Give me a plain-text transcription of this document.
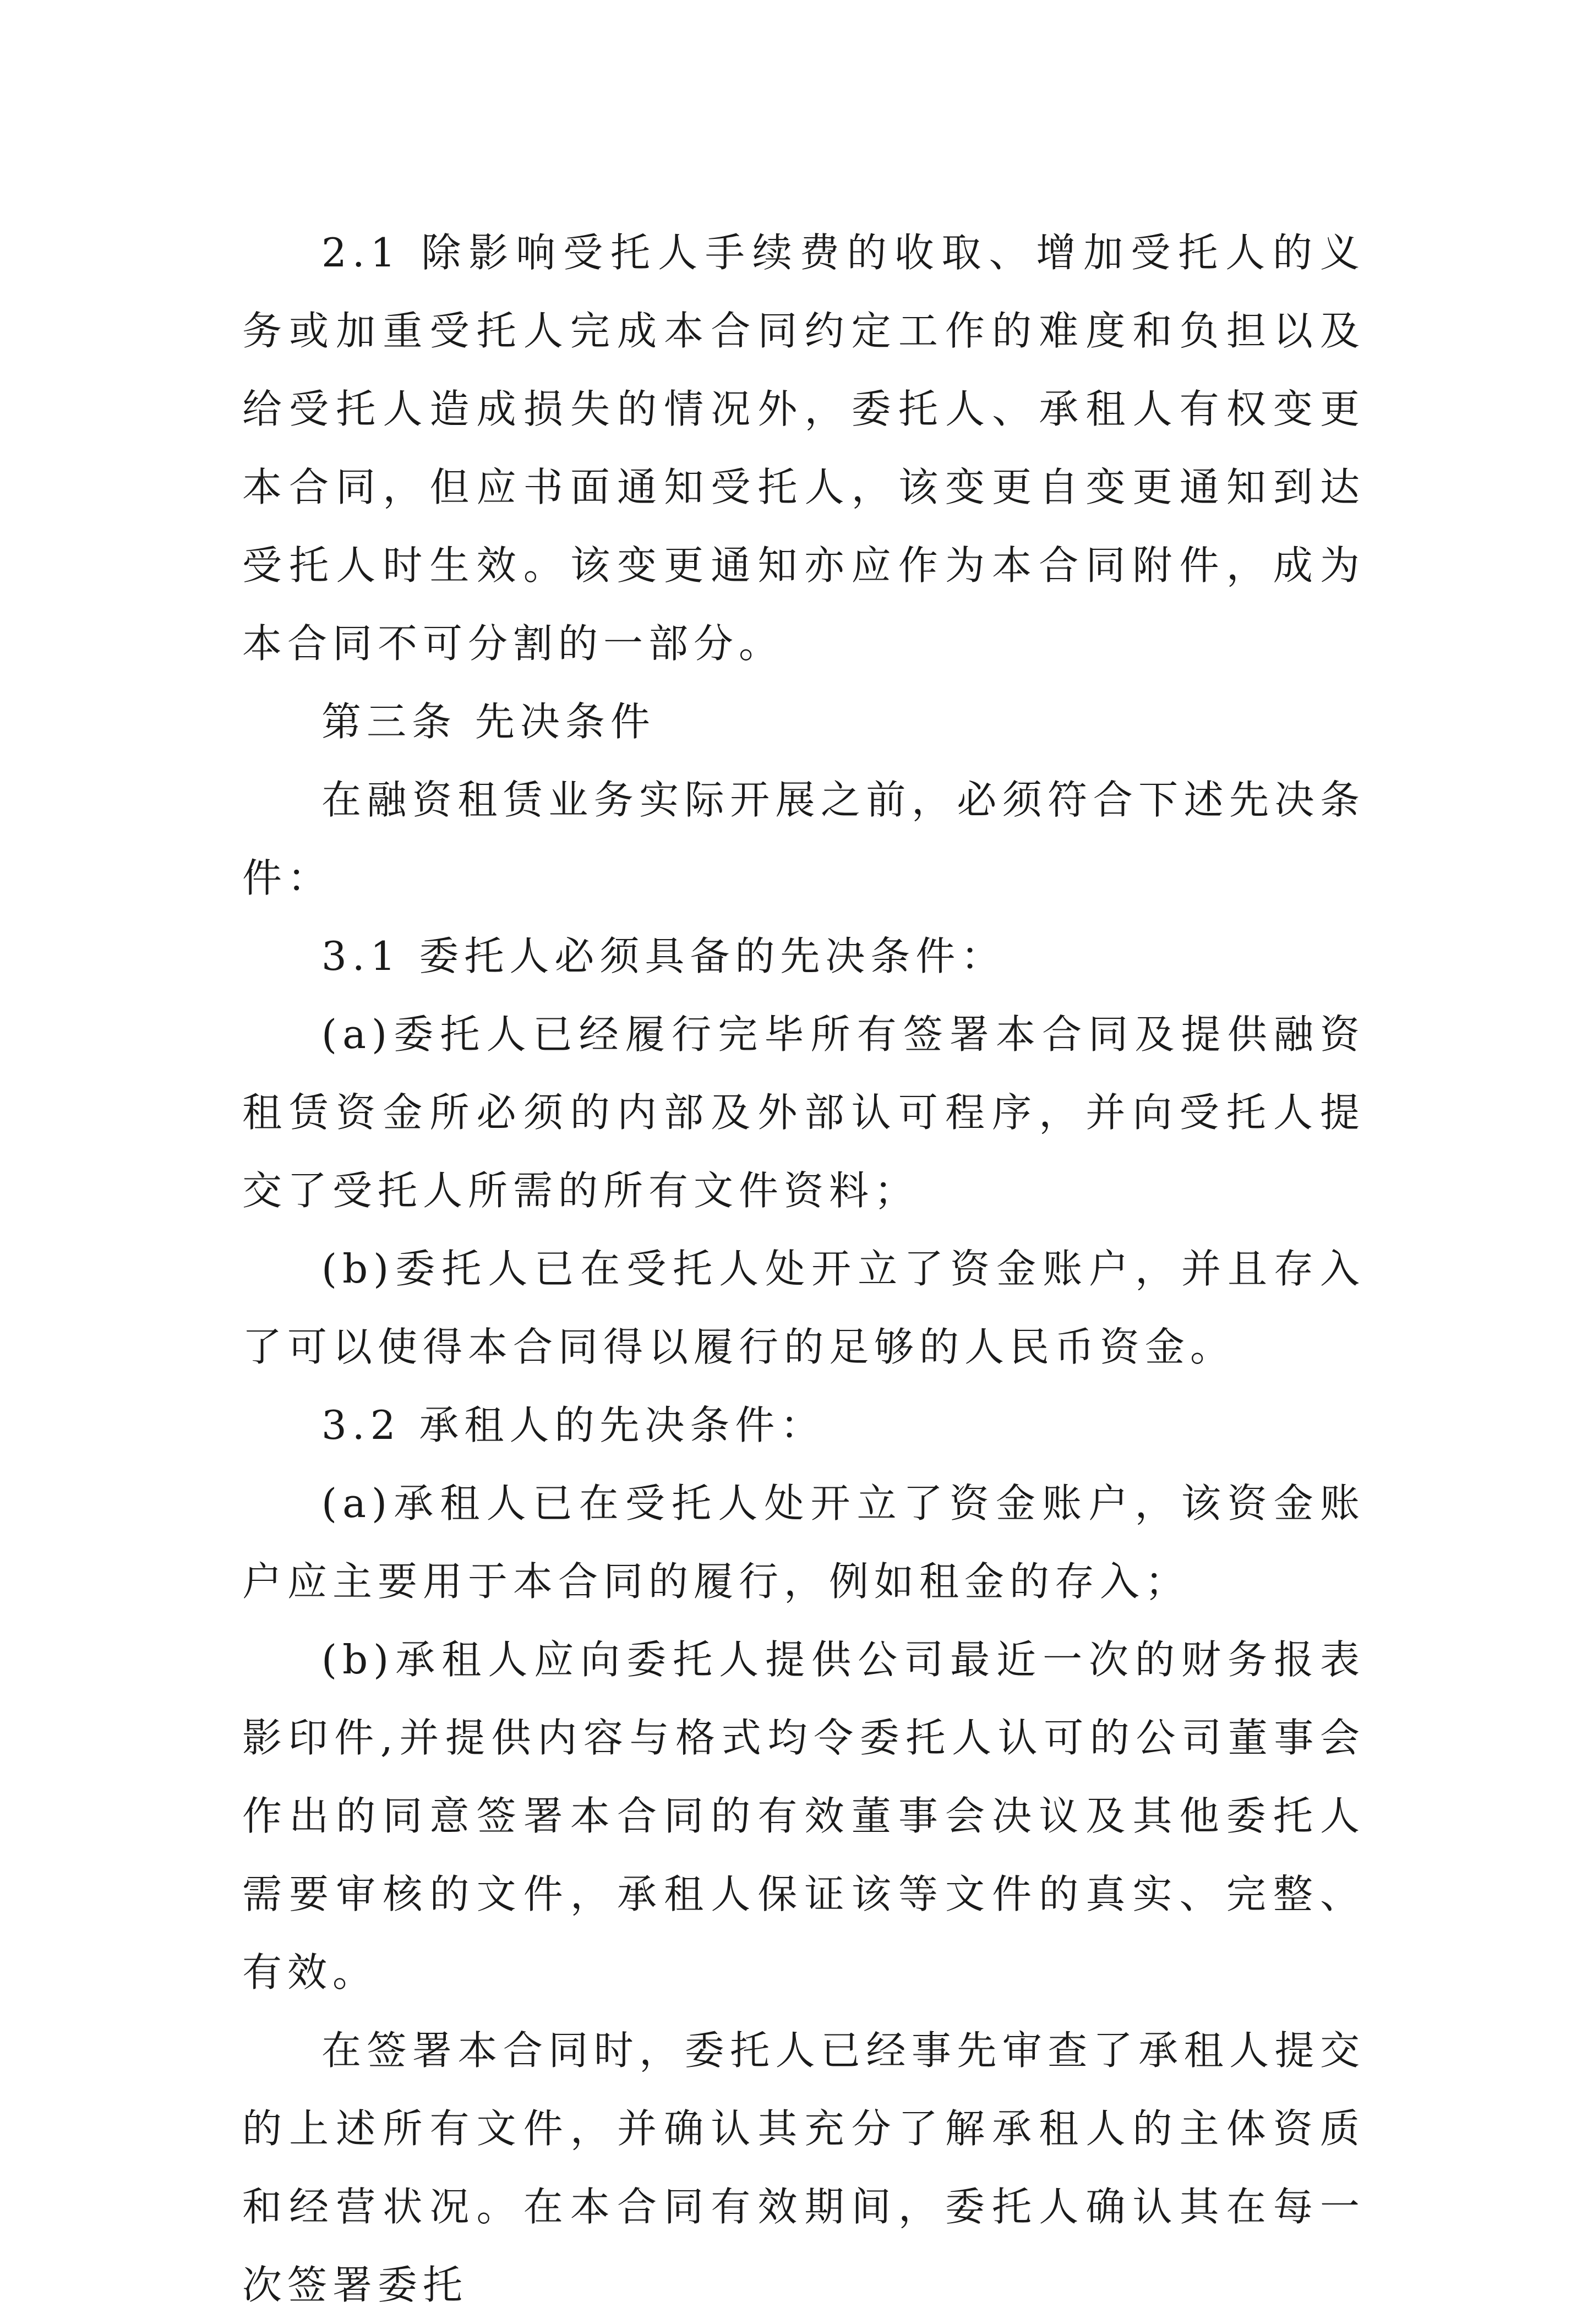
2.1 除影响受托人手续费的收取、增加受托人的义务或加重受托人完成本合同约定工作的难度和负担以及给受托人造成损失的情况外，委托人、承租人有权变更本合同，但应书面通知受托人，该变更自变更通知到达受托人时生效。该变更通知亦应作为本合同附件，成为本合同不可分割的一部分。

第三条 先决条件

在融资租赁业务实际开展之前，必须符合下述先决条件：

3.1 委托人必须具备的先决条件：

(a)委托人已经履行完毕所有签署本合同及提供融资租赁资金所必须的内部及外部认可程序，并向受托人提交了受托人所需的所有文件资料；

(b)委托人已在受托人处开立了资金账户，并且存入了可以使得本合同得以履行的足够的人民币资金。

3.2 承租人的先决条件：

(a)承租人已在受托人处开立了资金账户，该资金账户应主要用于本合同的履行，例如租金的存入；

(b)承租人应向委托人提供公司最近一次的财务报表影印件,并提供内容与格式均令委托人认可的公司董事会作出的同意签署本合同的有效董事会决议及其他委托人需要审核的文件，承租人保证该等文件的真实、完整、有效。

在签署本合同时，委托人已经事先审查了承租人提交的上述所有文件，并确认其充分了解承租人的主体资质和经营状况。在本合同有效期间，委托人确认其在每一次签署委托
